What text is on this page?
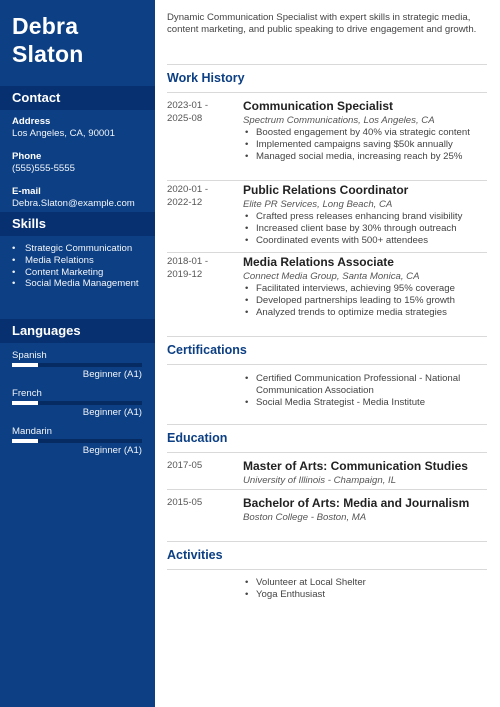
Debra
Slaton
Contact
Address
Los Angeles, CA, 90001
Phone
(555)555-5555
E-mail
Debra.Slaton@example.com
Skills
• Strategic Communication
• Media Relations
• Content Marketing
• Social Media Management
Languages
Spanish
Beginner (A1)
French
Beginner (A1)
Mandarin
Beginner (A1)
Dynamic Communication Specialist with expert skills in strategic media, content marketing, and public speaking to drive engagement and growth.
Work History
2023-01 -
2025-08
Communication Specialist
Spectrum Communications, Los Angeles, CA
• Boosted engagement by 40% via strategic content
• Implemented campaigns saving $50k annually
• Managed social media, increasing reach by 25%
2020-01 -
2022-12
Public Relations Coordinator
Elite PR Services, Long Beach, CA
• Crafted press releases enhancing brand visibility
• Increased client base by 30% through outreach
• Coordinated events with 500+ attendees
2018-01 -
2019-12
Media Relations Associate
Connect Media Group, Santa Monica, CA
• Facilitated interviews, achieving 95% coverage
• Developed partnerships leading to 15% growth
• Analyzed trends to optimize media strategies
Certifications
• Certified Communication Professional - National Communication Association
• Social Media Strategist - Media Institute
Education
2017-05	Master of Arts: Communication Studies
University of Illinois - Champaign, IL
2015-05	Bachelor of Arts: Media and Journalism
Boston College - Boston, MA
Activities
• Volunteer at Local Shelter
• Yoga Enthusiast
